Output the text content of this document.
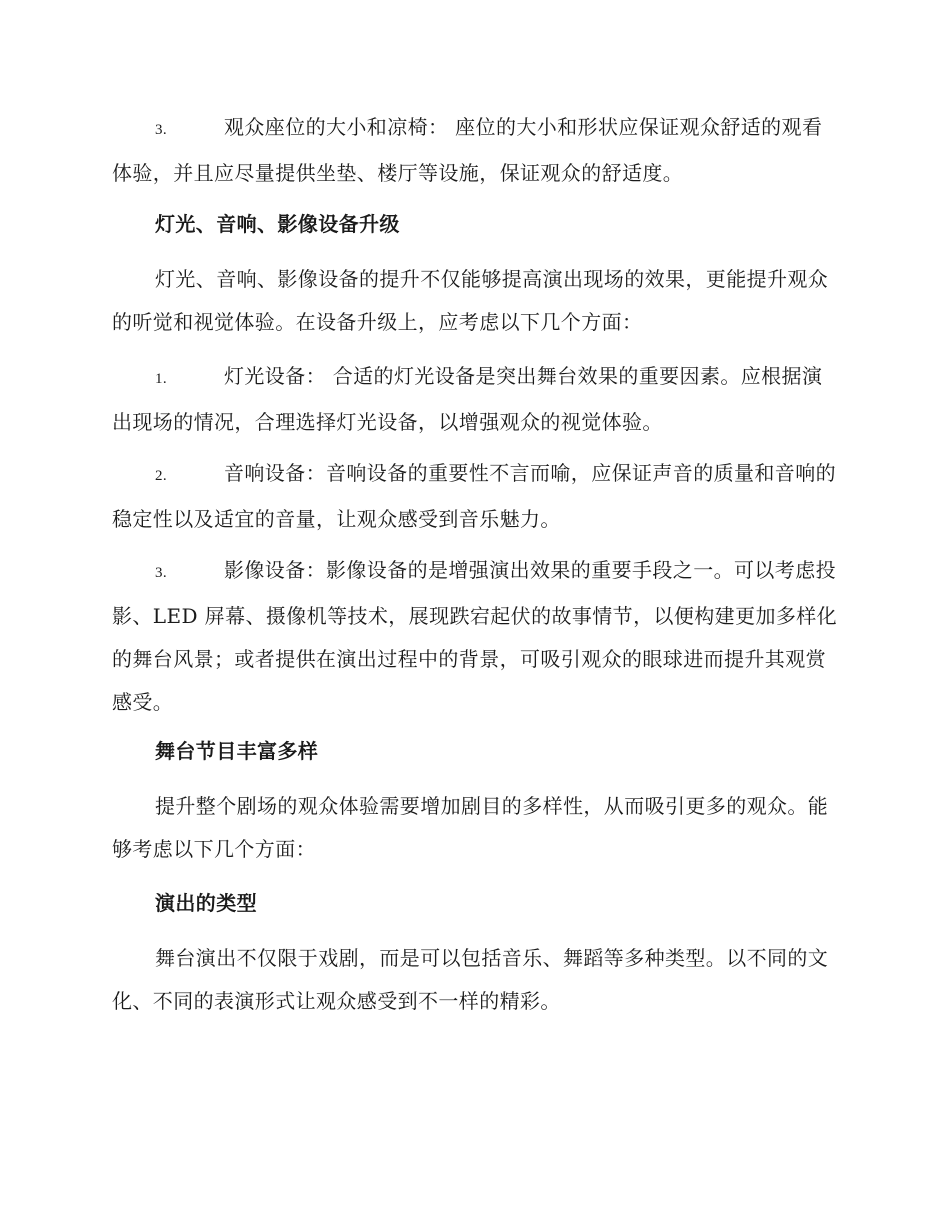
3.	观众座位的大小和凉椅： 座位的大小和形状应保证观众舒适的观看体验，并且应尽量提供坐垫、楼厅等设施，保证观众的舒适度。
灯光、音响、影像设备升级
灯光、音响、影像设备的提升不仅能够提高演出现场的效果，更能提升观众的听觉和视觉体验。在设备升级上，应考虑以下几个方面：
1.	灯光设备： 合适的灯光设备是突出舞台效果的重要因素。应根据演出现场的情况，合理选择灯光设备，以增强观众的视觉体验。
2.	音响设备：音响设备的重要性不言而喻，应保证声音的质量和音响的稳定性以及适宜的音量，让观众感受到音乐魅力。
3.	影像设备：影像设备的是增强演出效果的重要手段之一。可以考虑投影、LED 屏幕、摄像机等技术，展现跌宕起伏的故事情节，以便构建更加多样化的舞台风景；或者提供在演出过程中的背景，可吸引观众的眼球进而提升其观赏感受。
舞台节目丰富多样
提升整个剧场的观众体验需要增加剧目的多样性，从而吸引更多的观众。能够考虑以下几个方面：
演出的类型
舞台演出不仅限于戏剧，而是可以包括音乐、舞蹈等多种类型。以不同的文化、不同的表演形式让观众感受到不一样的精彩。
